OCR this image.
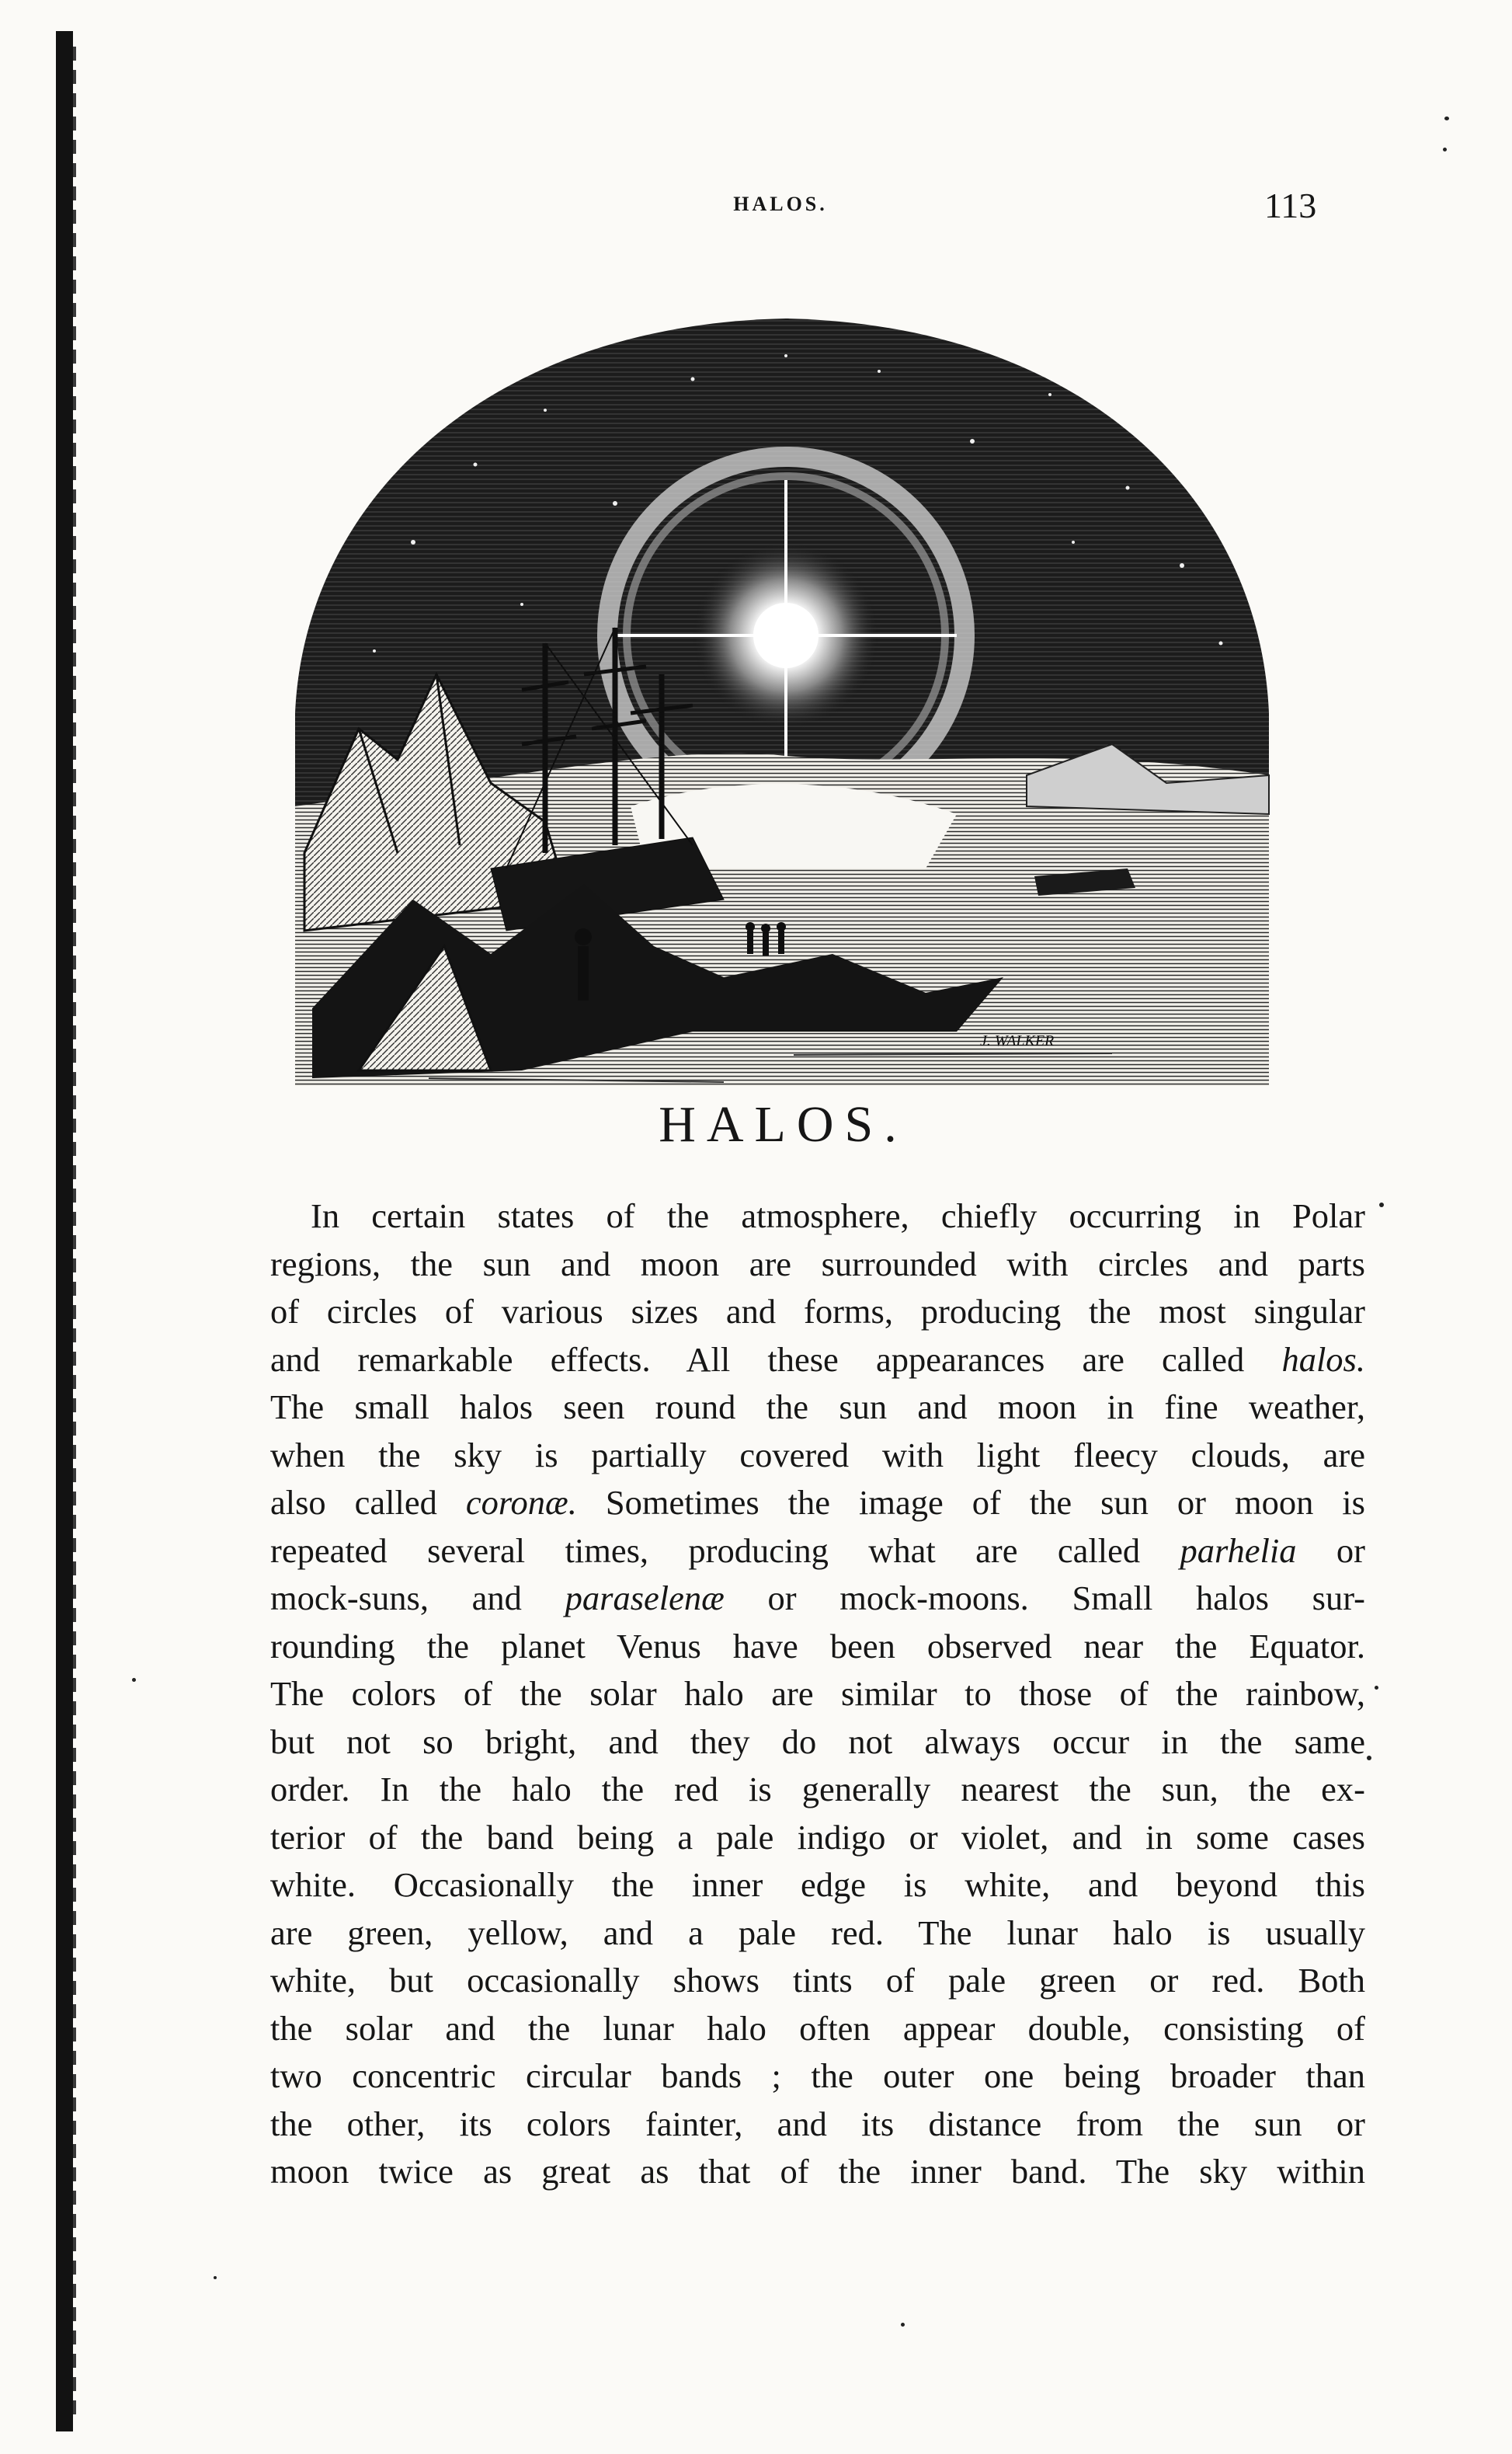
HALOS.	113
J. WALKER
HALOS.
In certain states of the atmosphere, chiefly occurring in Polar
regions, the sun and moon are surrounded with circles and parts
of circles of various sizes and forms, producing the most singular
and remarkable effects. All these appearances are called halos.
The small halos seen round the sun and moon in fine weather,
when the sky is partially covered with light fleecy clouds, are
also called coronæ. Sometimes the image of the sun or moon is
repeated several times, producing what are called parhelia or
mock-suns, and paraselenæ or mock-moons. Small halos sur-
rounding the planet Venus have been observed near the Equator.
The colors of the solar halo are similar to those of the rainbow,
but not so bright, and they do not always occur in the same
order. In the halo the red is generally nearest the sun, the ex-
terior of the band being a pale indigo or violet, and in some cases
white. Occasionally the inner edge is white, and beyond this
are green, yellow, and a pale red. The lunar halo is usually
white, but occasionally shows tints of pale green or red. Both
the solar and the lunar halo often appear double, consisting of
two concentric circular bands ; the outer one being broader than
the other, its colors fainter, and its distance from the sun or
moon twice as great as that of the inner band. The sky within
